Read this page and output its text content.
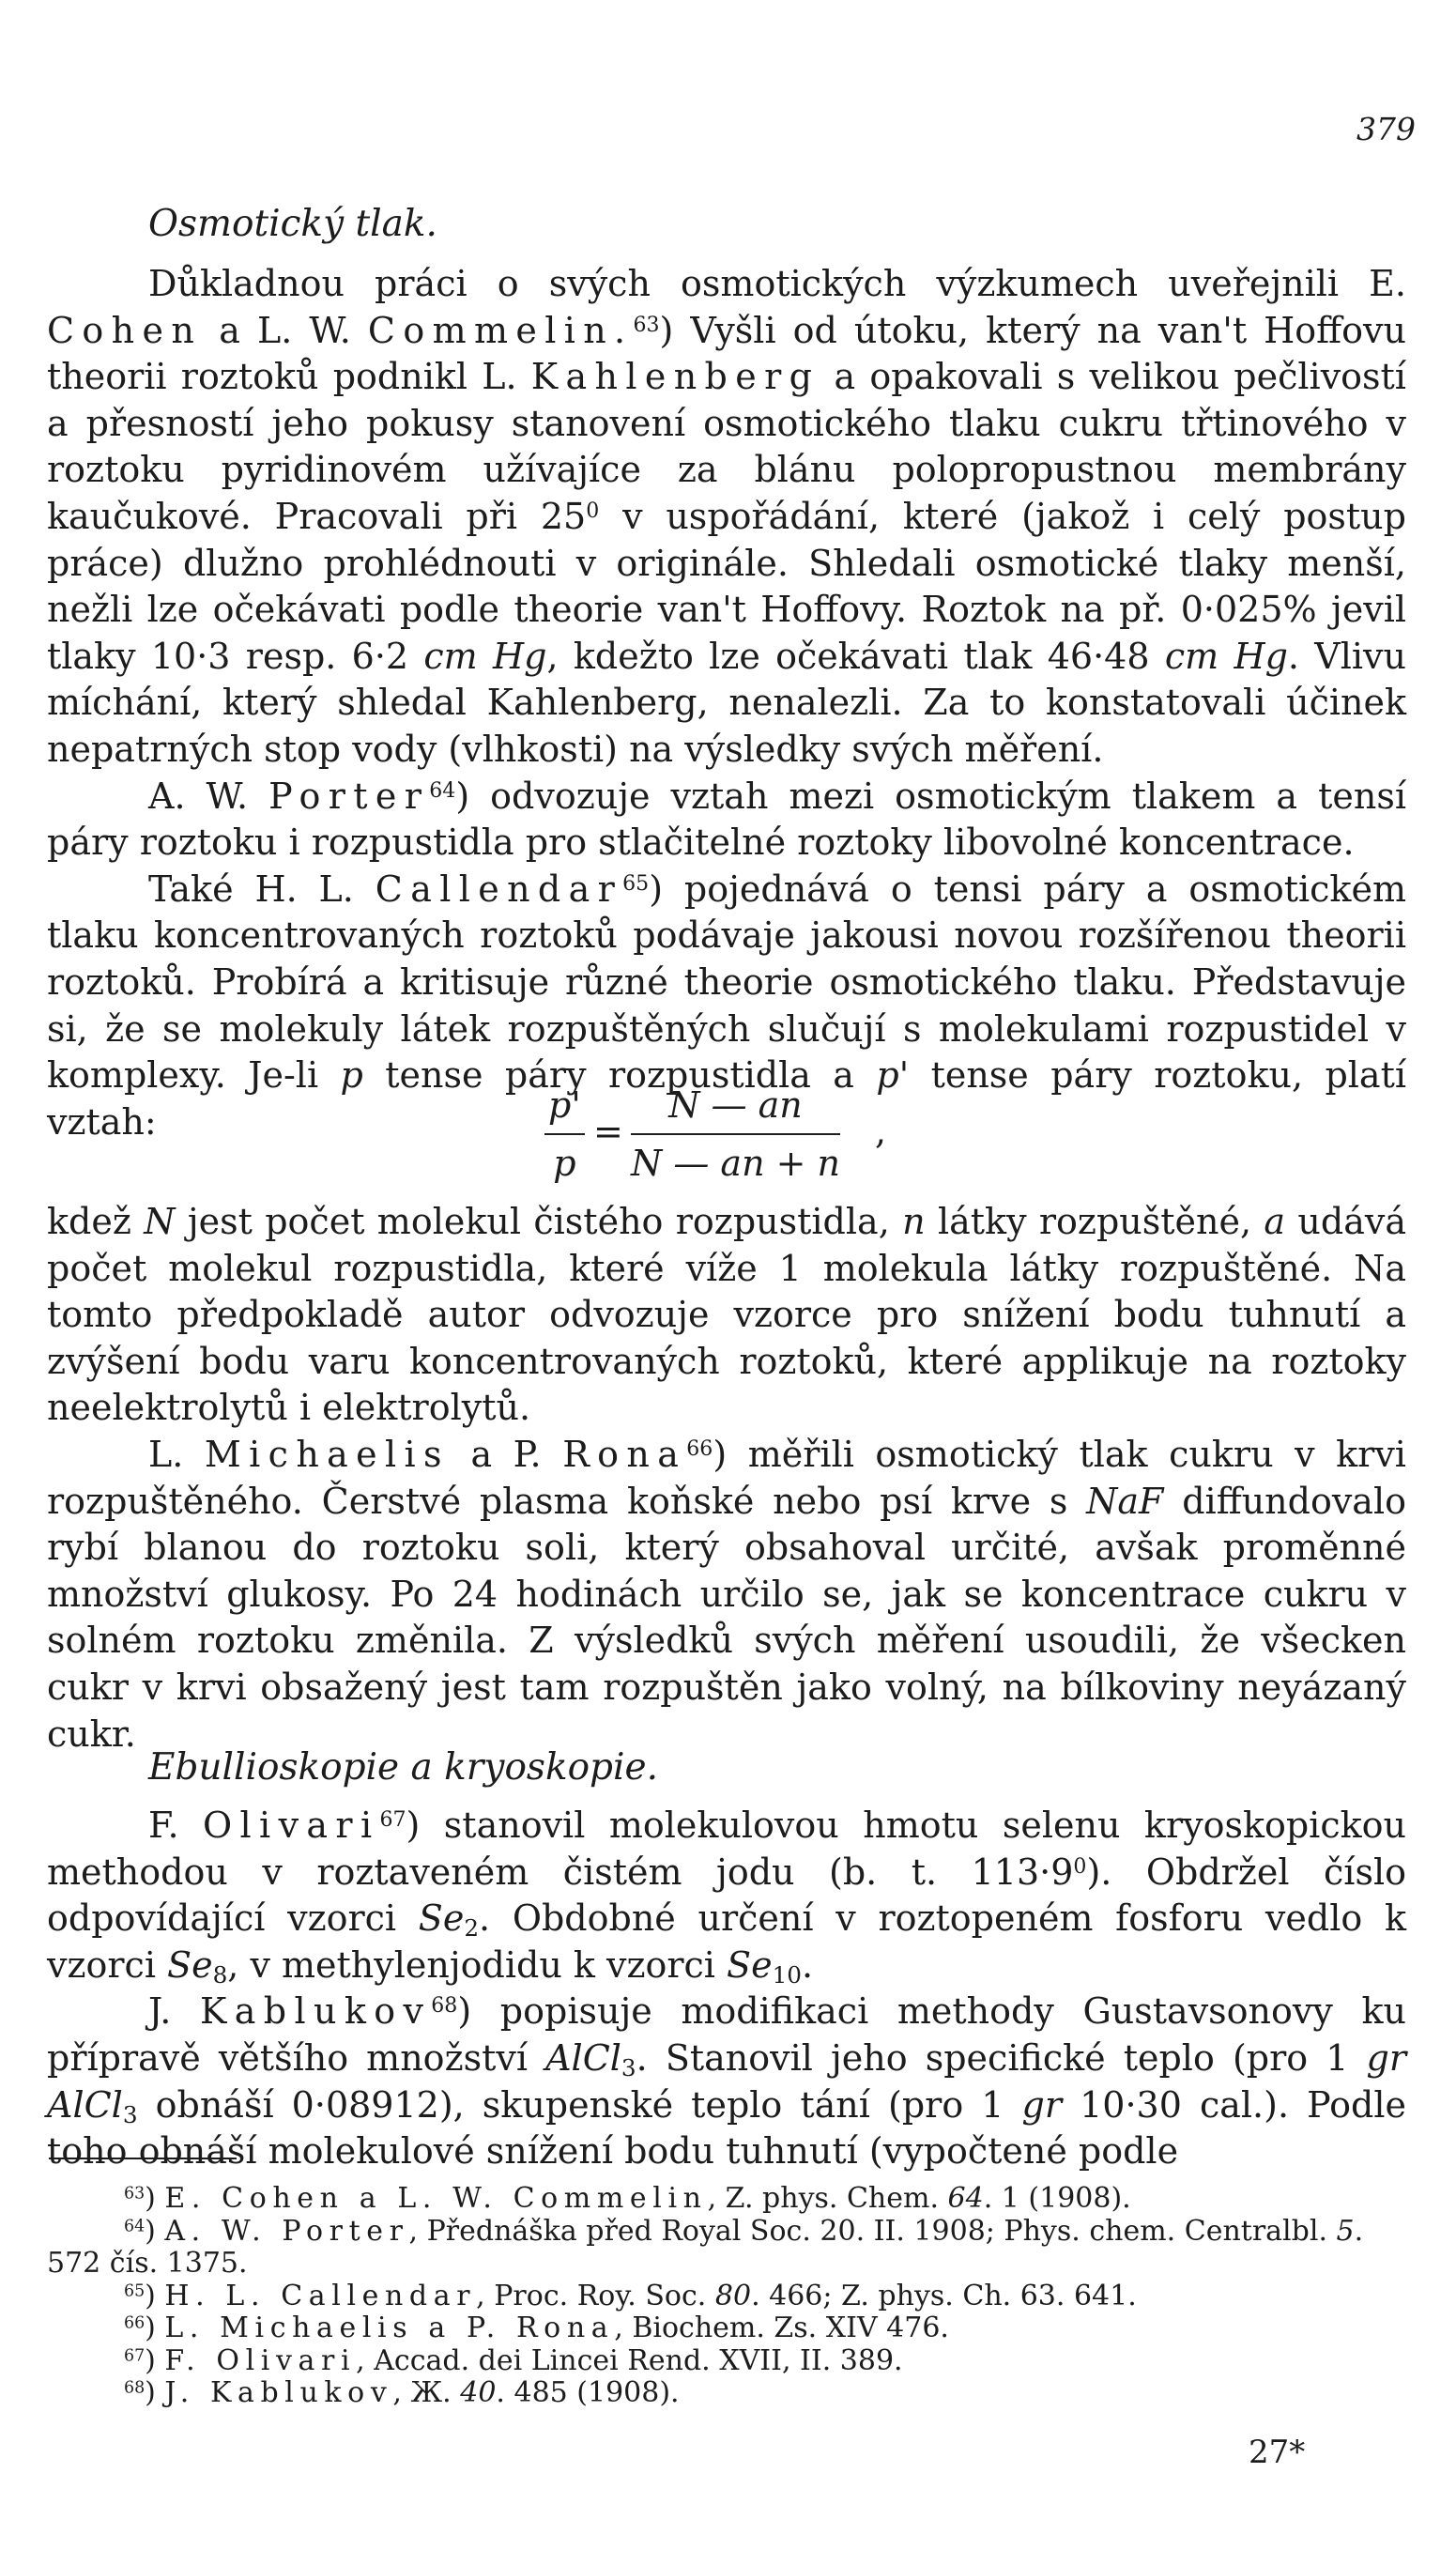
379
Osmotický tlak.

Důkladnou práci o svých osmotických výzkumech uveřejnili E. Cohen a L. W. Commelin.$^{63}$) Vyšli od útoku, který na van't Hoffovu theorii roztoků podnikl L. Kahlenberg a opakovali s velikou pečlivostí a přesností jeho pokusy stanovení osmotického tlaku cukru třtinového v roztoku pyridinovém užívajíce za blánu polopropustnou membrány kaučukové. Pracovali při $25^0$ v uspořádání, které (jakož i celý postup práce) dlužno prohlédnouti v originále. Shledali osmotické tlaky menší, nežli lze očekávati podle theorie van't Hoffovy. Roztok na př. 0·025% jevil tlaky 10·3 resp. 6·2 cm Hg, kdežto lze očekávati tlak 46·48 cm Hg. Vlivu míchání, který shledal Kahlenberg, nenalezli. Za to konstatovali účinek nepatrných stop vody (vlhkosti) na výsledky svých měření.

A. W. Porter$^{64}$) odvozuje vztah mezi osmotickým tlakem a tensí páry roztoku i rozpustidla pro stlačitelné roztoky libovolné koncentrace.

Také H. L. Callendar$^{65}$) pojednává o tensi páry a osmotickém tlaku koncentrovaných roztoků podávaje jakousi novou rozšířenou theorii roztoků. Probírá a kritisuje různé theorie osmotického tlaku. Představuje si, že se molekuly látek rozpuštěných slučují s molekulami rozpustidel v komplexy. Je-li p tense páry rozpustidla a p' tense páry roztoku, platí vztah:	$\frac{p'}{p} = \frac{N — an}{N — an + n}$ ,

kdež N jest počet molekul čistého rozpustidla, n látky rozpuštěné, a udává počet molekul rozpustidla, které víže 1 molekula látky rozpuštěné. Na tomto předpokladě autor odvozuje vzorce pro snížení bodu tuhnutí a zvýšení bodu varu koncentrovaných roztoků, které applikuje na roztoky neelektrolytů i elektrolytů.

L. Michaelis a P. Rona$^{66}$) měřili osmotický tlak cukru v krvi rozpuštěného. Čerstvé plasma koňské nebo psí krve s NaF diffundovalo rybí blanou do roztoku soli, který obsahoval určité, avšak proměnné množství glukosy. Po 24 hodinách určilo se, jak se koncentrace cukru v solném roztoku změnila. Z výsledků svých měření usoudili, že všecken cukr v krvi obsažený jest tam rozpuštěn jako volný, na bílkoviny neyázaný cukr.

Ebullioskopie a kryoskopie.

F. Olivari$^{67}$) stanovil molekulovou hmotu selenu kryoskopickou methodou v roztaveném čistém jodu (b. t. $113\cdot 9^0$). Obdržel číslo odpovídající vzorci $Se_2$. Obdobné určení v roztopeném fosforu vedlo k vzorci $Se_8$, v methylenjodidu k vzorci $Se_{10}$.

J. Kablukov$^{68}$) popisuje modifikaci methody Gustavsonovy ku přípravě většího množství AlCl$_3$. Stanovil jeho specifické teplo (pro 1 gr AlCl$_3$ obnáší 0·08912), skupenské teplo tání (pro 1 gr 10·30 cal.). Podle toho obnáší molekulové snížení bodu tuhnutí (vypočtené podle

$^{63}$) E. Cohen a L. W. Commelin, Z. phys. Chem. 64. 1 (1908).
$^{64}$) A. W. Porter, Přednáška před Royal Soc. 20. II. 1908; Phys. chem. Centralbl. 5. 572 čís. 1375.
$^{65}$) H. L. Callendar, Proc. Roy. Soc. 80. 466; Z. phys. Ch. 63. 641.
$^{66}$) L. Michaelis a P. Rona, Biochem. Zs. XIV 476.
$^{67}$) F. Olivari, Accad. dei Lincei Rend. XVII, II. 389.
$^{68}$) J. Kablukov, Ж. 40. 485 (1908).
27*
